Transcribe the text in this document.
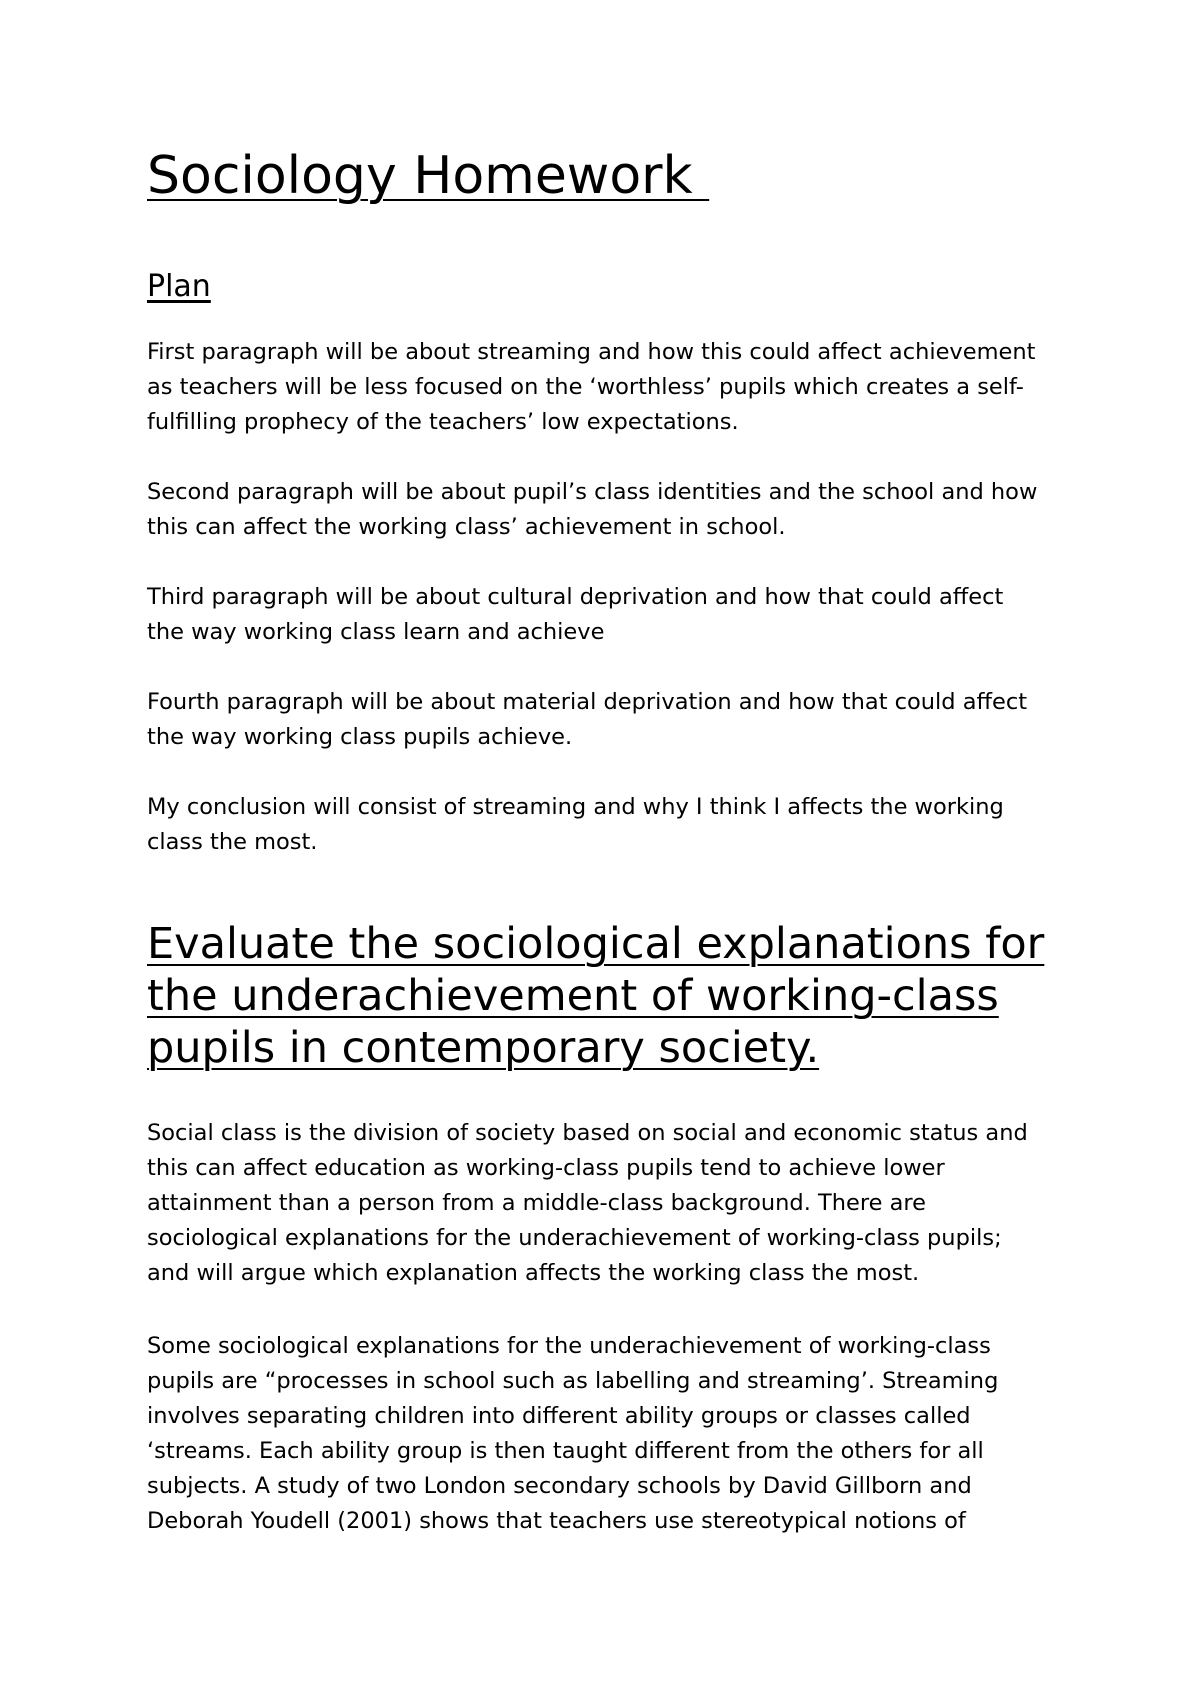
Sociology Homework
Plan

First paragraph will be about streaming and how this could affect achievement
as teachers will be less focused on the ‘worthless’ pupils which creates a self-
fulfilling prophecy of the teachers’ low expectations.

Second paragraph will be about pupil’s class identities and the school and how
this can affect the working class’ achievement in school.

Third paragraph will be about cultural deprivation and how that could affect
the way working class learn and achieve

Fourth paragraph will be about material deprivation and how that could affect
the way working class pupils achieve.

My conclusion will consist of streaming and why I think I affects the working
class the most.

Evaluate the sociological explanations for
the underachievement of working-class
pupils in contemporary society.

Social class is the division of society based on social and economic status and
this can affect education as working-class pupils tend to achieve lower
attainment than a person from a middle-class background. There are
sociological explanations for the underachievement of working-class pupils;
and will argue which explanation affects the working class the most.

Some sociological explanations for the underachievement of working-class
pupils are “processes in school such as labelling and streaming’. Streaming
involves separating children into different ability groups or classes called
‘streams. Each ability group is then taught different from the others for all
subjects. A study of two London secondary schools by David Gillborn and
Deborah Youdell (2001) shows that teachers use stereotypical notions of
